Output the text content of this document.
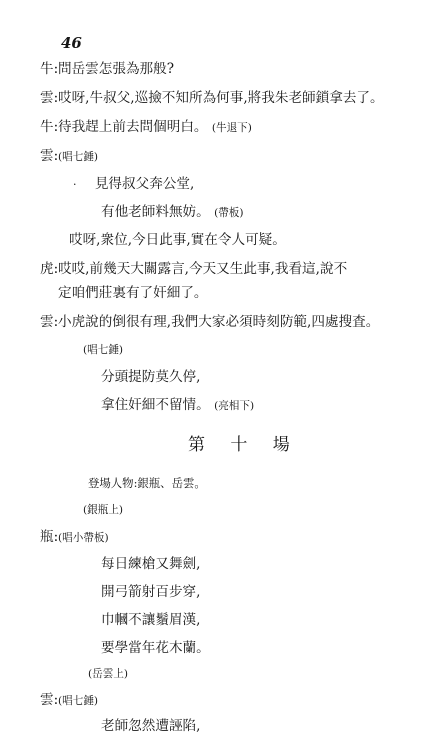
46
牛:問岳雲怎張為那般?
雲:哎呀,牛叔父,巡撿不知所為何事,將我朱老師鎖拿去了。
牛:待我趕上前去問個明白。 (牛退下)
雲:(唱七錘)
· 見得叔父奔公堂,
有他老師料無妨。 (帶板)
哎呀,衆位,今日此事,實在令人可疑。
虎:哎哎,前幾天大關露言,今天又生此事,我看這,說不
定咱們莊裏有了奸細了。
雲:小虎說的倒很有理,我們大家必須時刻防範,四處搜査。
(唱七錘)
分頭提防莫久停,
拿住奸細不留情。 (亮相下)
第 十 場
登場人物:銀瓶、岳雲。
(銀瓶上)
瓶:(唱小帶板)
每日練槍又舞劍,
開弓箭射百步穿,
巾幗不讓鬚眉漢,
要學當年花木蘭。
(岳雲上)
雲:(唱七錘)
老師忽然遭誣陷,
